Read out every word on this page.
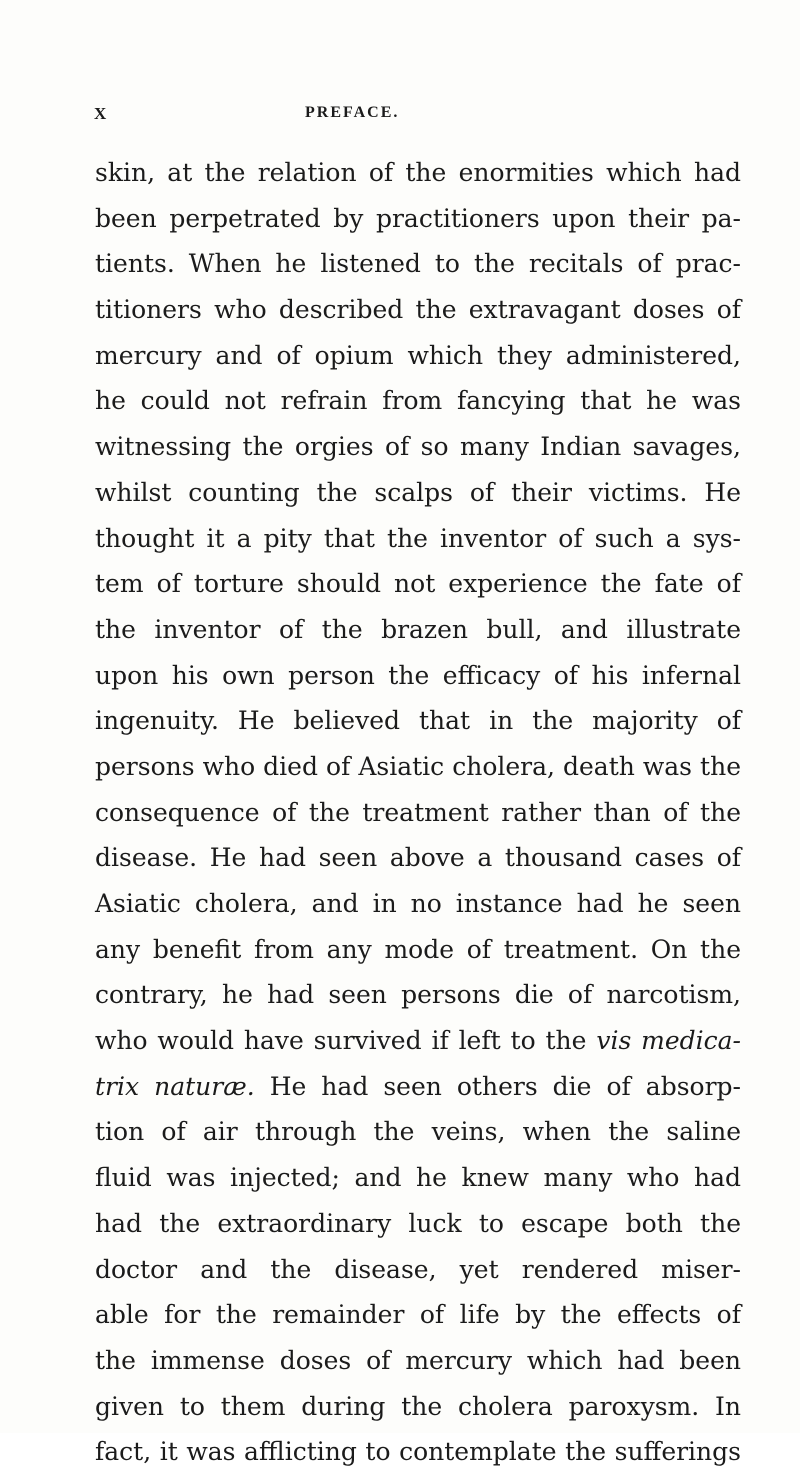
X	PREFACE.
skin, at the relation of the enormities which had
been perpetrated by practitioners upon their pa-
tients. When he listened to the recitals of prac-
titioners who described the extravagant doses of
mercury and of opium which they administered,
he could not refrain from fancying that he was
witnessing the orgies of so many Indian savages,
whilst counting the scalps of their victims. He
thought it a pity that the inventor of such a sys-
tem of torture should not experience the fate of
the inventor of the brazen bull, and illustrate
upon his own person the efficacy of his infernal
ingenuity. He believed that in the majority of
persons who died of Asiatic cholera, death was the
consequence of the treatment rather than of the
disease. He had seen above a thousand cases of
Asiatic cholera, and in no instance had he seen
any benefit from any mode of treatment. On the
contrary, he had seen persons die of narcotism,
who would have survived if left to the vis medica-
trix naturæ. He had seen others die of absorp-
tion of air through the veins, when the saline
fluid was injected; and he knew many who had
had the extraordinary luck to escape both the
doctor and the disease, yet rendered miser-
able for the remainder of life by the effects of
the immense doses of mercury which had been
given to them during the cholera paroxysm. In
fact, it was afflicting to contemplate the sufferings
